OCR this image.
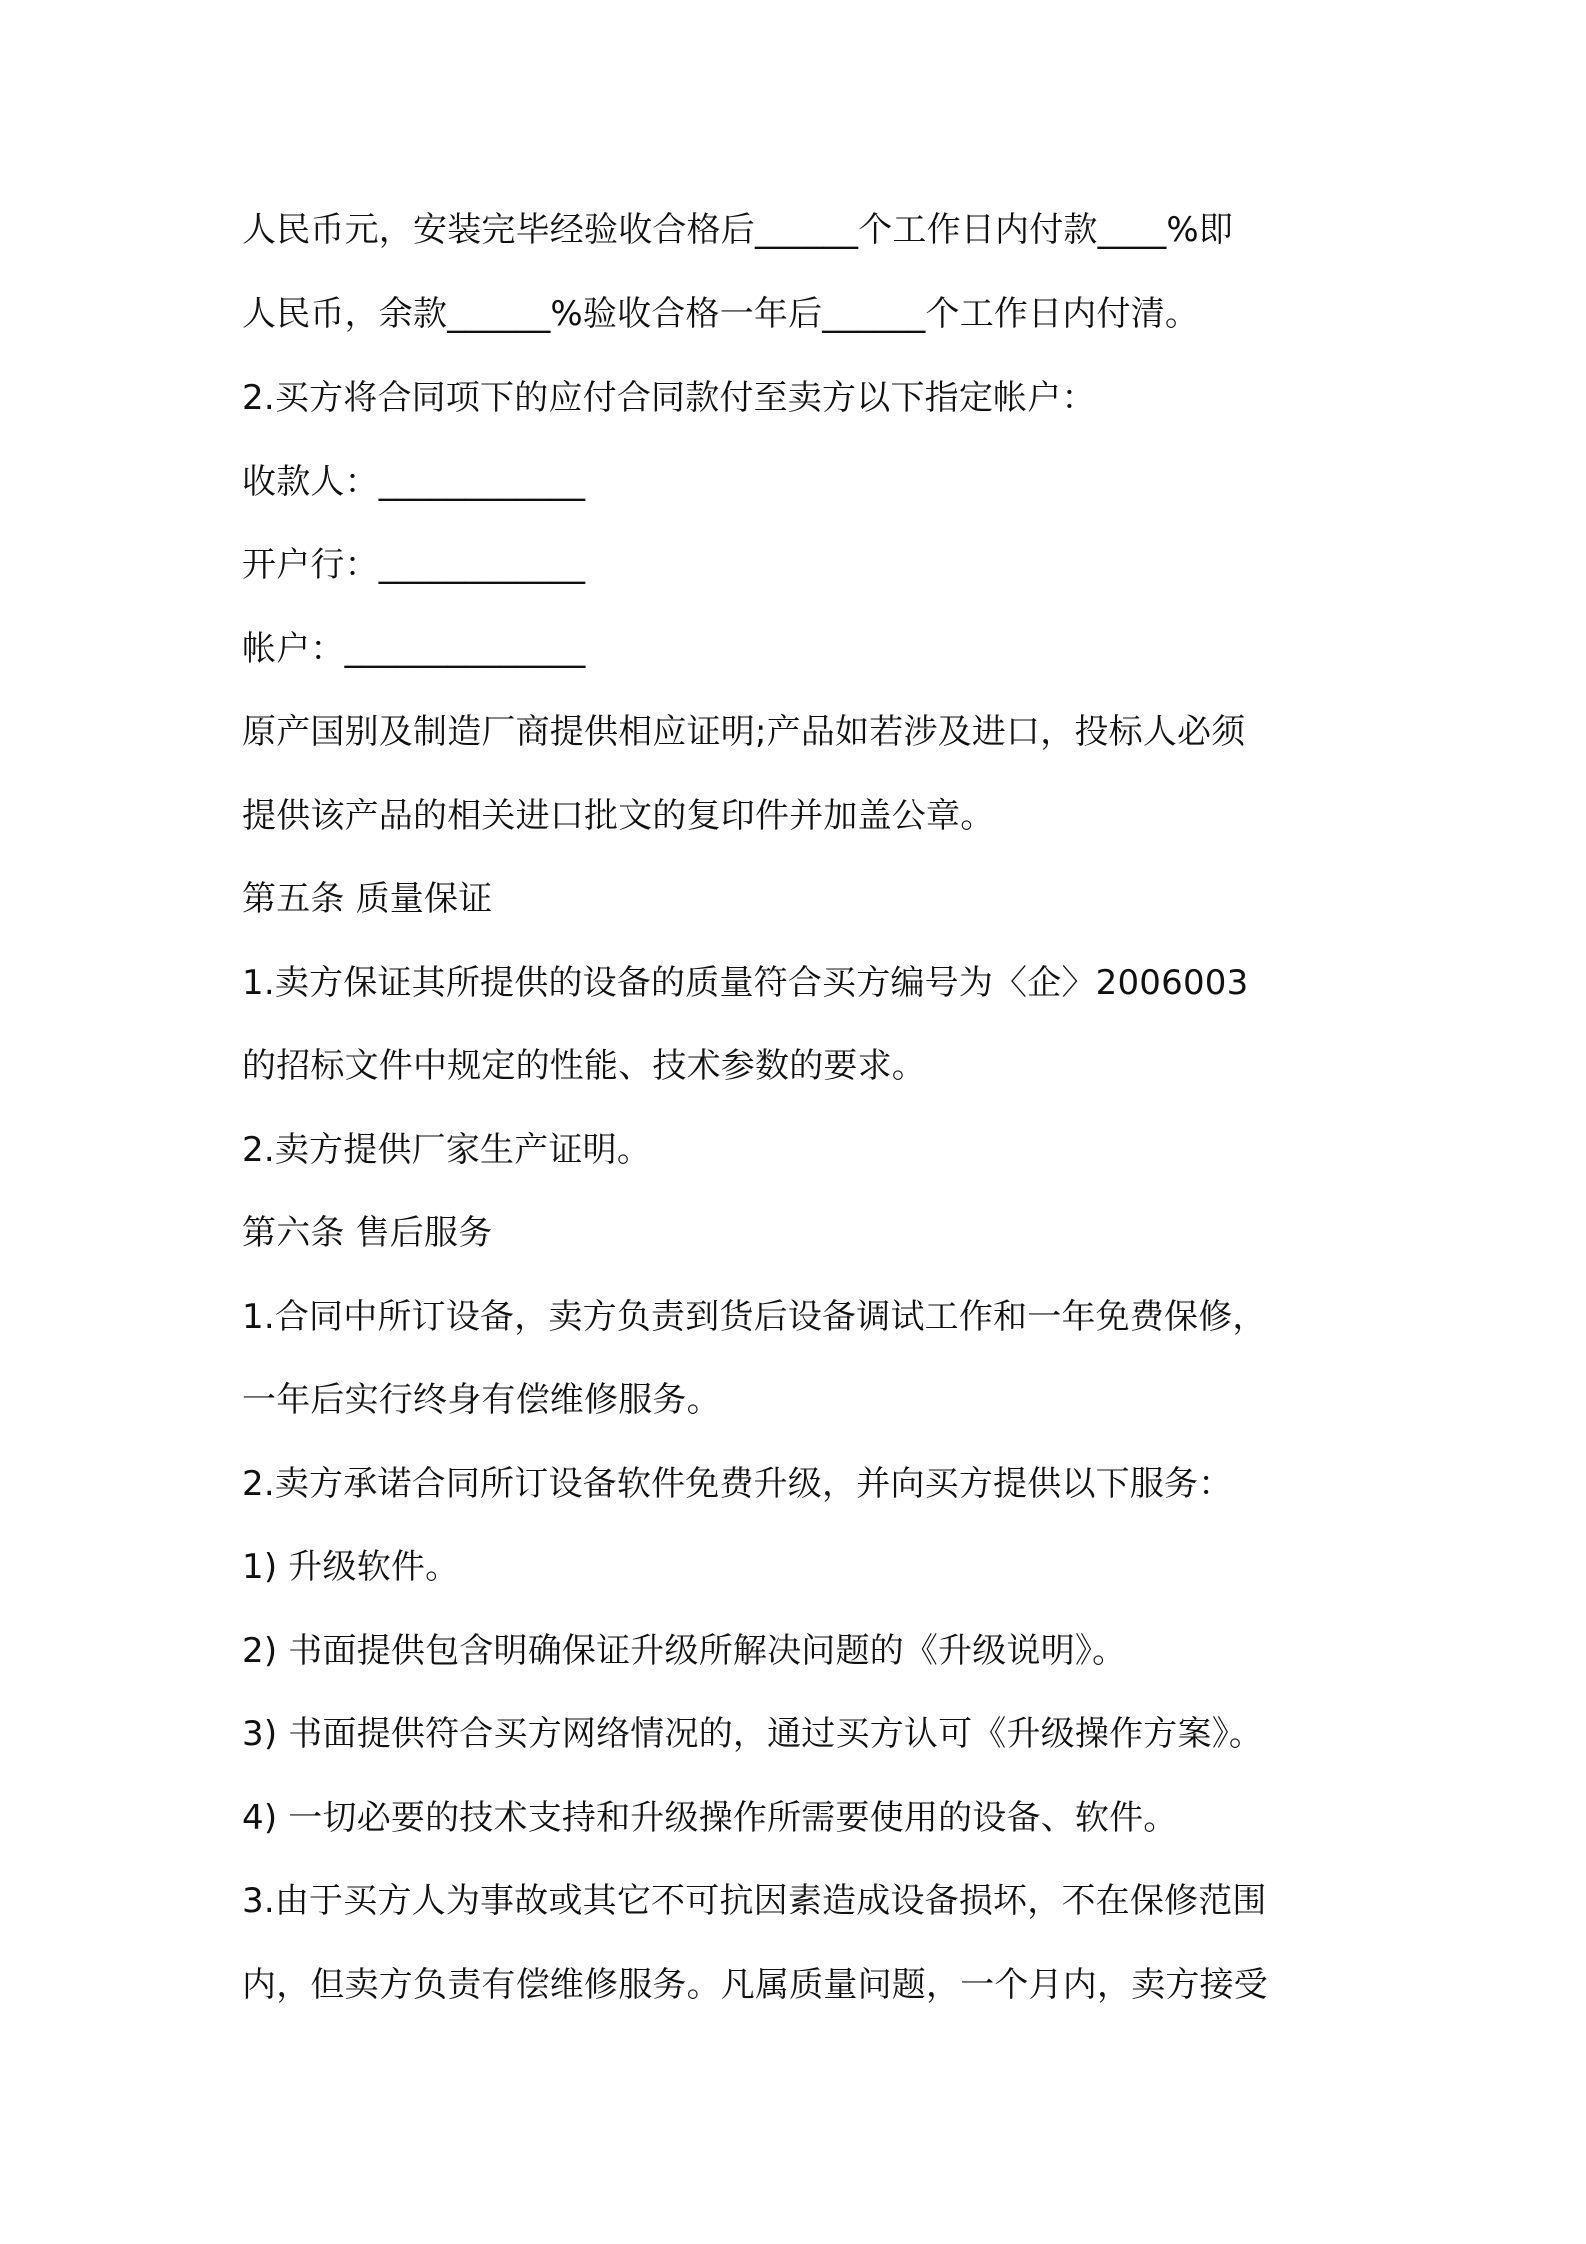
人民币元，安装完毕经验收合格后______个工作日内付款____%即
人民币，余款______%验收合格一年后______个工作日内付清。
2.买方将合同项下的应付合同款付至卖方以下指定帐户：
收款人：____________
开户行：____________
帐户：______________
原产国别及制造厂商提供相应证明;产品如若涉及进口，投标人必须
提供该产品的相关进口批文的复印件并加盖公章。
第五条 质量保证
1.卖方保证其所提供的设备的质量符合买方编号为〈企〉2006003
的招标文件中规定的性能、技术参数的要求。
2.卖方提供厂家生产证明。
第六条 售后服务
1.合同中所订设备，卖方负责到货后设备调试工作和一年免费保修，
一年后实行终身有偿维修服务。
2.卖方承诺合同所订设备软件免费升级，并向买方提供以下服务：
1) 升级软件。
2) 书面提供包含明确保证升级所解决问题的《升级说明》。
3) 书面提供符合买方网络情况的，通过买方认可《升级操作方案》。
4) 一切必要的技术支持和升级操作所需要使用的设备、软件。
3.由于买方人为事故或其它不可抗因素造成设备损坏，不在保修范围
内，但卖方负责有偿维修服务。凡属质量问题，一个月内，卖方接受
